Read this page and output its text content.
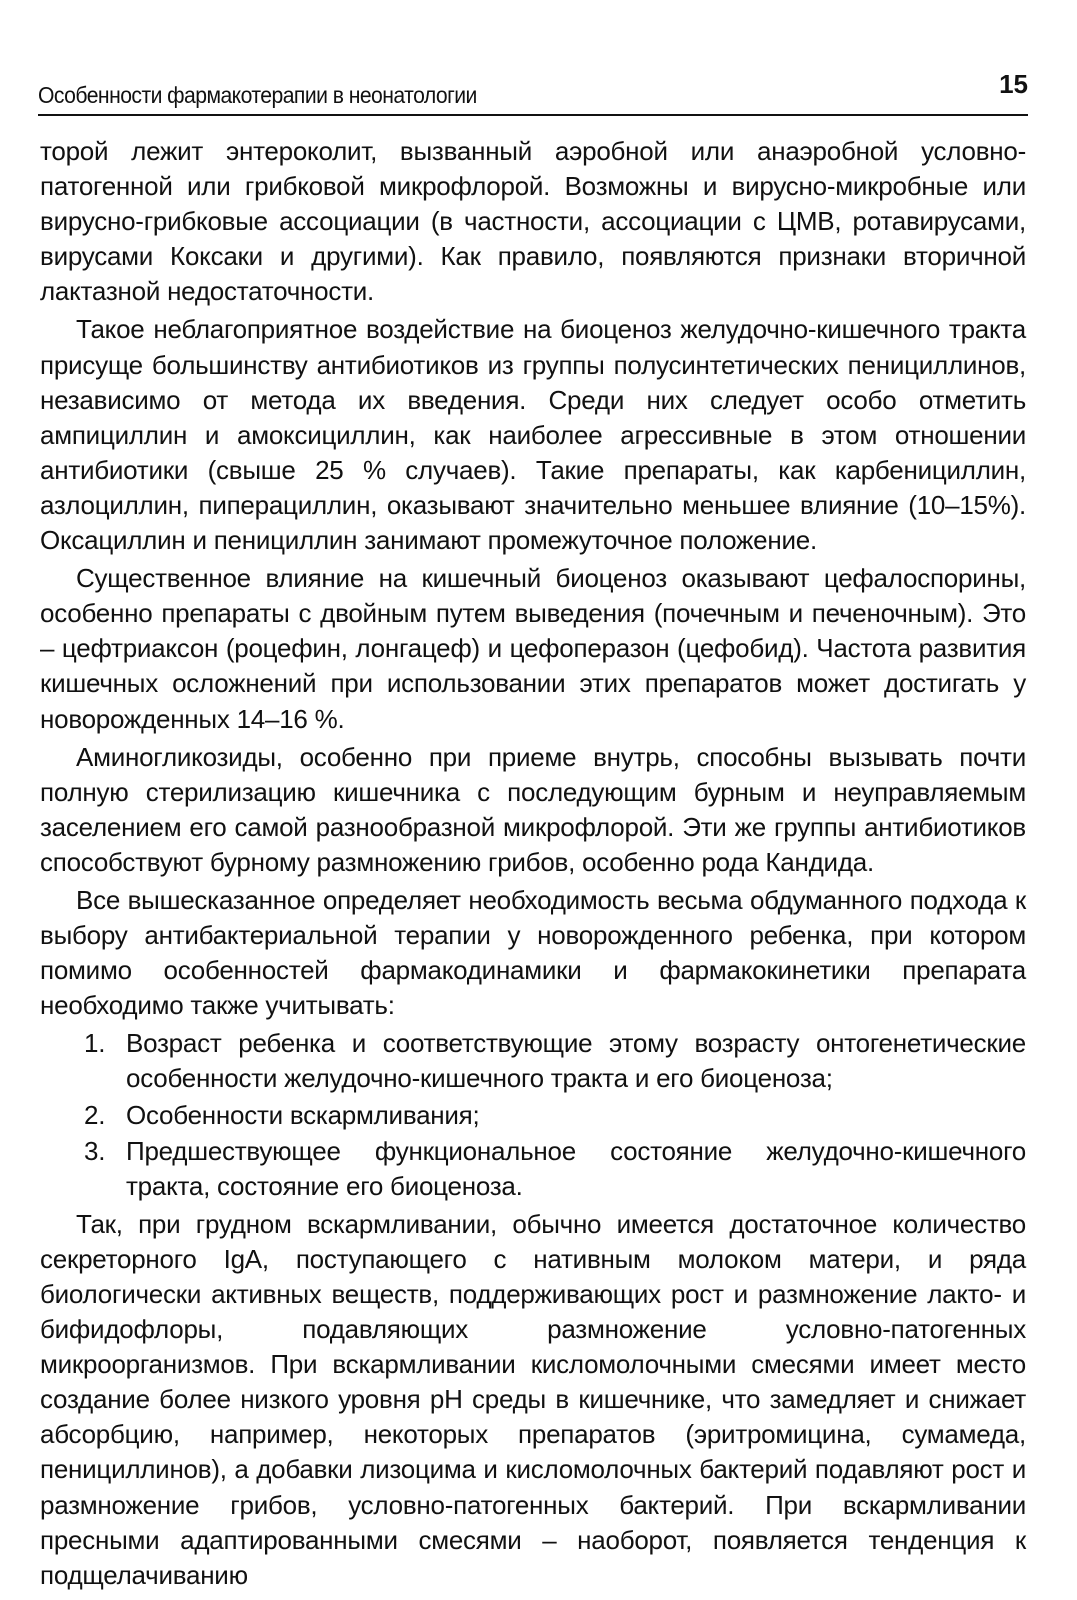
Особенности фармакотерапии в неонатологии	15

торой лежит энтероколит, вызванный аэробной или анаэробной условно-патогенной или грибковой микрофлорой. Возможны и вирусно-микробные или вирусно-грибковые ассоциации (в частности, ассоциации с ЦМВ, ротавирусами, вирусами Коксаки и другими). Как правило, появляются признаки вторичной лактазной недостаточности.

Такое неблагоприятное воздействие на биоценоз желудочно-кишечного тракта присуще большинству антибиотиков из группы полусинтетических пенициллинов, независимо от метода их введения. Среди них следует особо отметить ампициллин и амоксициллин, как наиболее агрессивные в этом отношении антибиотики (свыше 25 % случаев). Такие препараты, как карбенициллин, азлоциллин, пиперациллин, оказывают значительно меньшее влияние (10–15%). Оксациллин и пенициллин занимают промежуточное положение.

Существенное влияние на кишечный биоценоз оказывают цефалоспорины, особенно препараты с двойным путем выведения (почечным и печеночным). Это – цефтриаксон (роцефин, лонгацеф) и цефоперазон (цефобид). Частота развития кишечных осложнений при использовании этих препаратов может достигать у новорожденных 14–16 %.

Аминогликозиды, особенно при приеме внутрь, способны вызывать почти полную стерилизацию кишечника с последующим бурным и неуправляемым заселением его самой разнообразной микрофлорой. Эти же группы антибиотиков способствуют бурному размножению грибов, особенно рода Кандида.

Все вышесказанное определяет необходимость весьма обдуманного подхода к выбору антибактериальной терапии у новорожденного ребенка, при котором помимо особенностей фармакодинамики и фармакокинетики препарата необходимо также учитывать:

1. Возраст ребенка и соответствующие этому возрасту онтогенетические особенности желудочно-кишечного тракта и его биоценоза;
2. Особенности вскармливания;
3. Предшествующее функциональное состояние желудочно-кишечного тракта, состояние его биоценоза.

Так, при грудном вскармливании, обычно имеется достаточное количество секреторного IgA, поступающего с нативным молоком матери, и ряда биологически активных веществ, поддерживающих рост и размножение лакто- и бифидофлоры, подавляющих размножение условно-патогенных микроорганизмов. При вскармливании кисломолочными смесями имеет место создание более низкого уровня pH среды в кишечнике, что замедляет и снижает абсорбцию, например, некоторых препаратов (эритромицина, сумамеда, пенициллинов), а добавки лизоцима и кисломолочных бактерий подавляют рост и размножение грибов, условно-патогенных бактерий. При вскармливании пресными адаптированными смесями – наоборот, появляется тенденция к подщелачиванию
